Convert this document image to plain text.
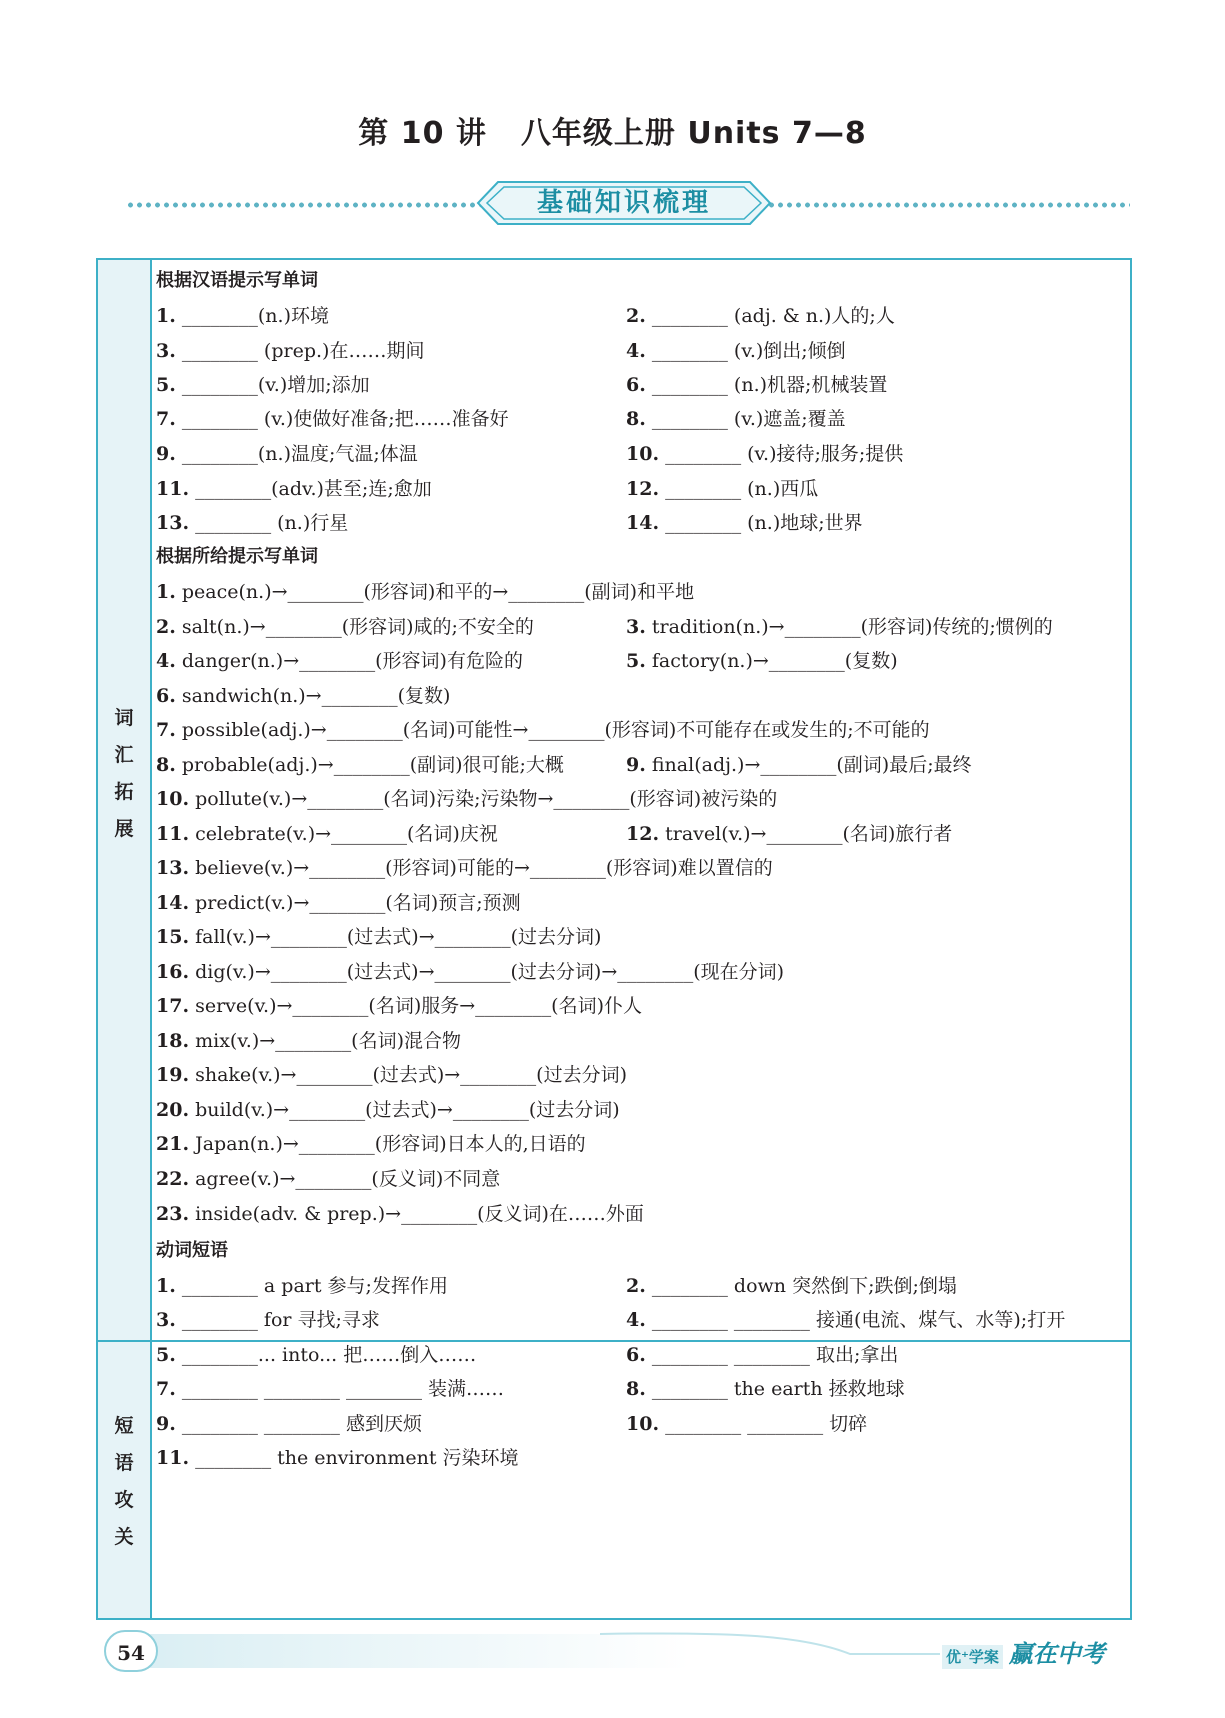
第 10 讲 八年级上册 Units 7—8
基础知识梳理
词
汇
拓
展
短
语
攻
关
根据汉语提示写单词
1. ________(n.)环境	2. ________ (adj. & n.)人的;人
3. ________ (prep.)在……期间	4. ________ (v.)倒出;倾倒
5. ________(v.)增加;添加	6. ________ (n.)机器;机械装置
7. ________ (v.)使做好准备;把……准备好	8. ________ (v.)遮盖;覆盖
9. ________(n.)温度;气温;体温	10. ________ (v.)接待;服务;提供
11. ________(adv.)甚至;连;愈加	12. ________ (n.)西瓜
13. ________ (n.)行星	14. ________ (n.)地球;世界
根据所给提示写单词
1. peace(n.)→________(形容词)和平的→________(副词)和平地
2. salt(n.)→________(形容词)咸的;不安全的	3. tradition(n.)→________(形容词)传统的;惯例的
4. danger(n.)→________(形容词)有危险的	5. factory(n.)→________(复数)
6. sandwich(n.)→________(复数)
7. possible(adj.)→________(名词)可能性→________(形容词)不可能存在或发生的;不可能的
8. probable(adj.)→________(副词)很可能;大概	9. final(adj.)→________(副词)最后;最终
10. pollute(v.)→________(名词)污染;污染物→________(形容词)被污染的
11. celebrate(v.)→________(名词)庆祝	12. travel(v.)→________(名词)旅行者
13. believe(v.)→________(形容词)可能的→________(形容词)难以置信的
14. predict(v.)→________(名词)预言;预测
15. fall(v.)→________(过去式)→________(过去分词)
16. dig(v.)→________(过去式)→________(过去分词)→________(现在分词)
17. serve(v.)→________(名词)服务→________(名词)仆人
18. mix(v.)→________(名词)混合物
19. shake(v.)→________(过去式)→________(过去分词)
20. build(v.)→________(过去式)→________(过去分词)
21. Japan(n.)→________(形容词)日本人的,日语的
22. agree(v.)→________(反义词)不同意
23. inside(adv. & prep.)→________(反义词)在……外面
动词短语
1. ________ a part 参与;发挥作用	2. ________ down 突然倒下;跌倒;倒塌
3. ________ for 寻找;寻求	4. ________ ________ 接通(电流、煤气、水等);打开
5. ________... into... 把……倒入……	6. ________ ________ 取出;拿出
7. ________ ________ ________ 装满……	8. ________ the earth 拯救地球
9. ________ ________ 感到厌烦	10. ________ ________ 切碎
11. ________ the environment 污染环境
54	优⁺学案 赢在中考
